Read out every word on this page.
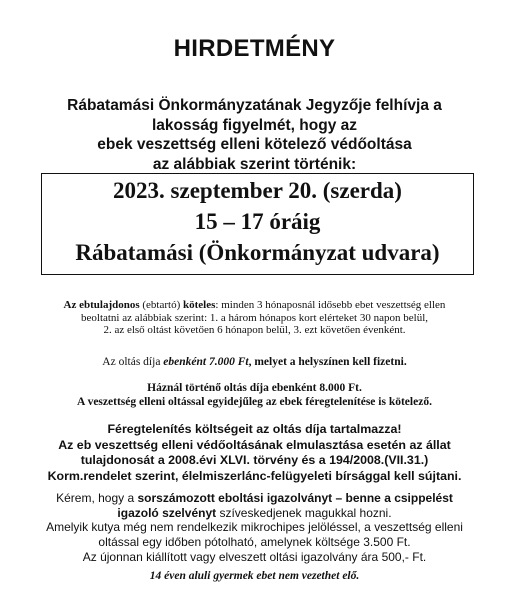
HIRDETMÉNY
Rábatamási Önkormányzatának Jegyzője felhívja a
lakosság figyelmét, hogy az
ebek veszettség elleni kötelező védőoltása
az alábbiak szerint történik:
2023. szeptember 20. (szerda)
15 – 17 óráig
Rábatamási (Önkormányzat udvara)
Az ebtulajdonos (ebtartó) köteles: minden 3 hónaposnál idősebb ebet veszettség ellen
beoltatni az alábbiak szerint: 1. a három hónapos kort elérteket 30 napon belül,
2. az első oltást követően 6 hónapon belül, 3. ezt követően évenként.
Az oltás díja ebenként 7.000 Ft, melyet a helyszínen kell fizetni.
Háznál történő oltás díja ebenként 8.000 Ft.
A veszettség elleni oltással egyidejűleg az ebek féregtelenítése is kötelező.
Féregtelenítés költségeit az oltás díja tartalmazza!
Az eb veszettség elleni védőoltásának elmulasztása esetén az állat
tulajdonosát a 2008.évi XLVI. törvény és a 194/2008.(VII.31.)
Korm.rendelet szerint, élelmiszerlánc-felügyeleti bírsággal kell sújtani.
Kérem, hogy a sorszámozott eboltási igazolványt – benne a csippelést
igazoló szelvényt szíveskedjenek magukkal hozni.
Amelyik kutya még nem rendelkezik mikrochipes jelöléssel, a veszettség elleni
oltással egy időben pótolható, amelynek költsége 3.500 Ft.
Az újonnan kiállított vagy elveszett oltási igazolvány ára 500,- Ft.
14 éven aluli gyermek ebet nem vezethet elő.
